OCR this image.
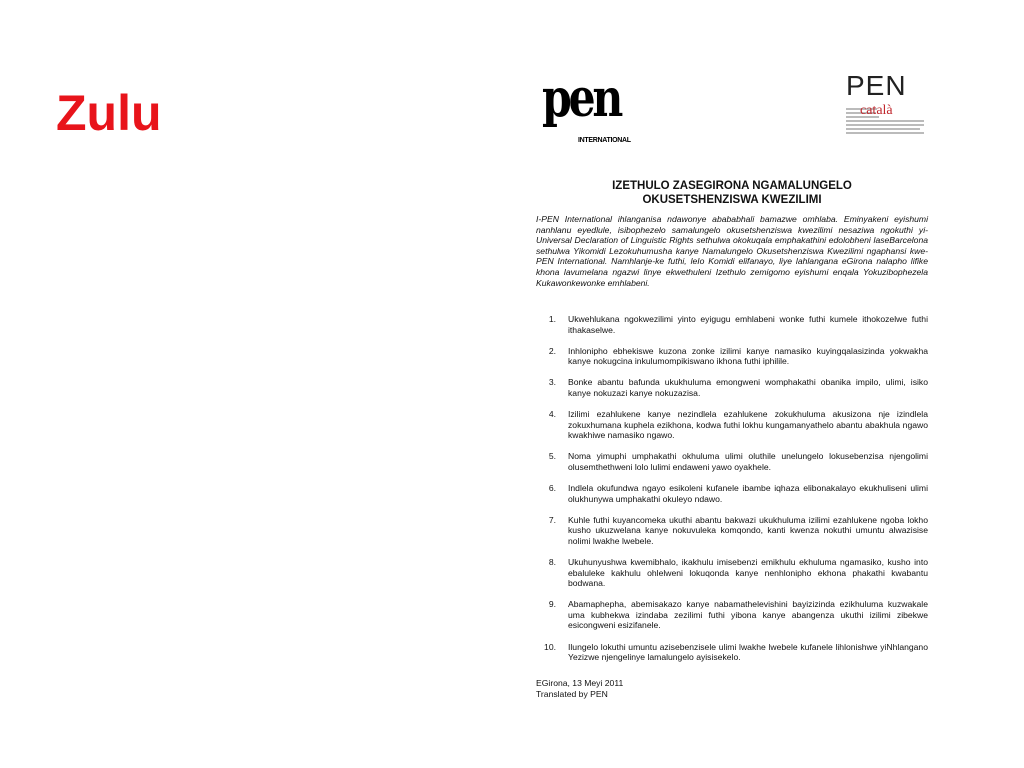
Zulu	pen
INTERNATIONAL
PEN
català
IZETHULO ZASEGIRONA NGAMALUNGELO
OKUSETSHENZISWA KWEZILIMI
I-PEN International ihlanganisa ndawonye abababhali bamazwe omhlaba. Eminyakeni eyishumi nanhlanu eyedlule, isibophezelo samalungelo okusetshenziswa kwezilimi nesaziwa ngokuthi yi-Universal Declaration of Linguistic Rights sethulwa okokuqala emphakathini edolobheni laseBarcelona sethulwa Yikomidi Lezokuhumusha kanye Namalungelo Okusetshenziswa Kwezilimi ngaphansi kwe-PEN International. Namhlanje-ke futhi, leIo Komidi elifanayo, liye lahlangana eGirona nalapho lifike khona lavumelana ngazwi linye ekwethuleni Izethulo zemigomo eyishumi enqala Yokuzibophezela Kukawonkewonke emhlabeni.
1.	Ukwehlukana ngokwezilimi yinto eyigugu emhlabeni wonke futhi kumele ithokozelwe futhi ithakaselwe.
2.	Inhlonipho ebhekiswe kuzona zonke izilimi kanye namasiko kuyingqalasizinda yokwakha kanye nokugcina inkulumompikiswano ikhona futhi iphilile.
3.	Bonke abantu bafunda ukukhuluma emongweni womphakathi obanika impilo, ulimi, isiko kanye nokuzazi kanye nokuzazisa.
4.	Izilimi ezahlukene kanye nezindlela ezahlukene zokukhuluma akusizona nje izindlela zokuxhumana kuphela ezikhona, kodwa futhi lokhu kungamanyathelo abantu abakhula ngawo kwakhiwe namasiko ngawo.
5.	Noma yimuphi umphakathi okhuluma ulimi oluthile unelungelo lokusebenzisa njengolimi olusemthethweni lolo lulimi endaweni yawo oyakhele.
6.	Indlela okufundwa ngayo esikoleni kufanele ibambe iqhaza elibonakalayo ekukhuliseni ulimi olukhunywa umphakathi okuleyo ndawo.
7.	Kuhle futhi kuyancomeka ukuthi abantu bakwazi ukukhuluma izilimi ezahlukene ngoba lokho kusho ukuzwelana kanye nokuvuleka komqondo, kanti kwenza nokuthi umuntu alwazisise nolimi lwakhe lwebele.
8.	Ukuhunyushwa kwemibhalo, ikakhulu imisebenzi emikhulu ekhuluma ngamasiko, kusho into ebaluleke kakhulu ohlelweni lokuqonda kanye nenhlonipho ekhona phakathi kwabantu bodwana.
9.	Abamaphepha, abemisakazo kanye nabamathelevishini bayizizinda ezikhuluma kuzwakale uma kubhekwa izindaba zezilimi futhi yibona kanye abangenza ukuthi izilimi zibekwe esicongweni esizifanele.
10.	Ilungelo lokuthi umuntu azisebenzisele ulimi lwakhe lwebele kufanele lihlonishwe yiNhlangano Yezizwe njengelinye lamalungelo ayisisekelo.
EGirona, 13 Meyi 2011
Translated by PEN
